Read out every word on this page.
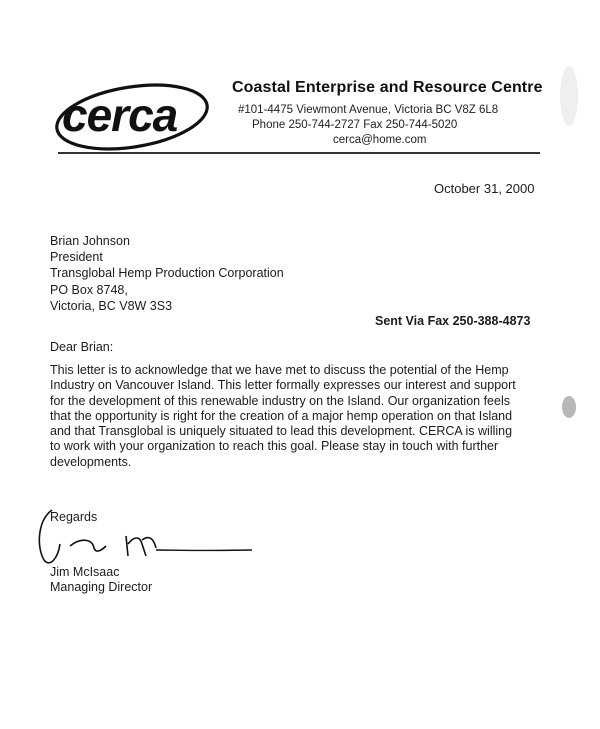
cerca
Coastal Enterprise and Resource Centre
#101-4475 Viewmont Avenue, Victoria BC V8Z 6L8
Phone 250-744-2727 Fax 250-744-5020
cerca@home.com
October 31, 2000
Brian Johnson
President
Transglobal Hemp Production Corporation
PO Box 8748,
Victoria, BC V8W 3S3
Sent Via Fax 250-388-4873
Dear Brian:
This letter is to acknowledge that we have met to discuss the potential of the Hemp
Industry on Vancouver Island. This letter formally expresses our interest and support
for the development of this renewable industry on the Island. Our organization feels
that the opportunity is right for the creation of a major hemp operation on that Island
and that Transglobal is uniquely situated to lead this development. CERCA is willing
to work with your organization to reach this goal. Please stay in touch with further
developments.
Regards
Jim McIsaac
Managing Director
